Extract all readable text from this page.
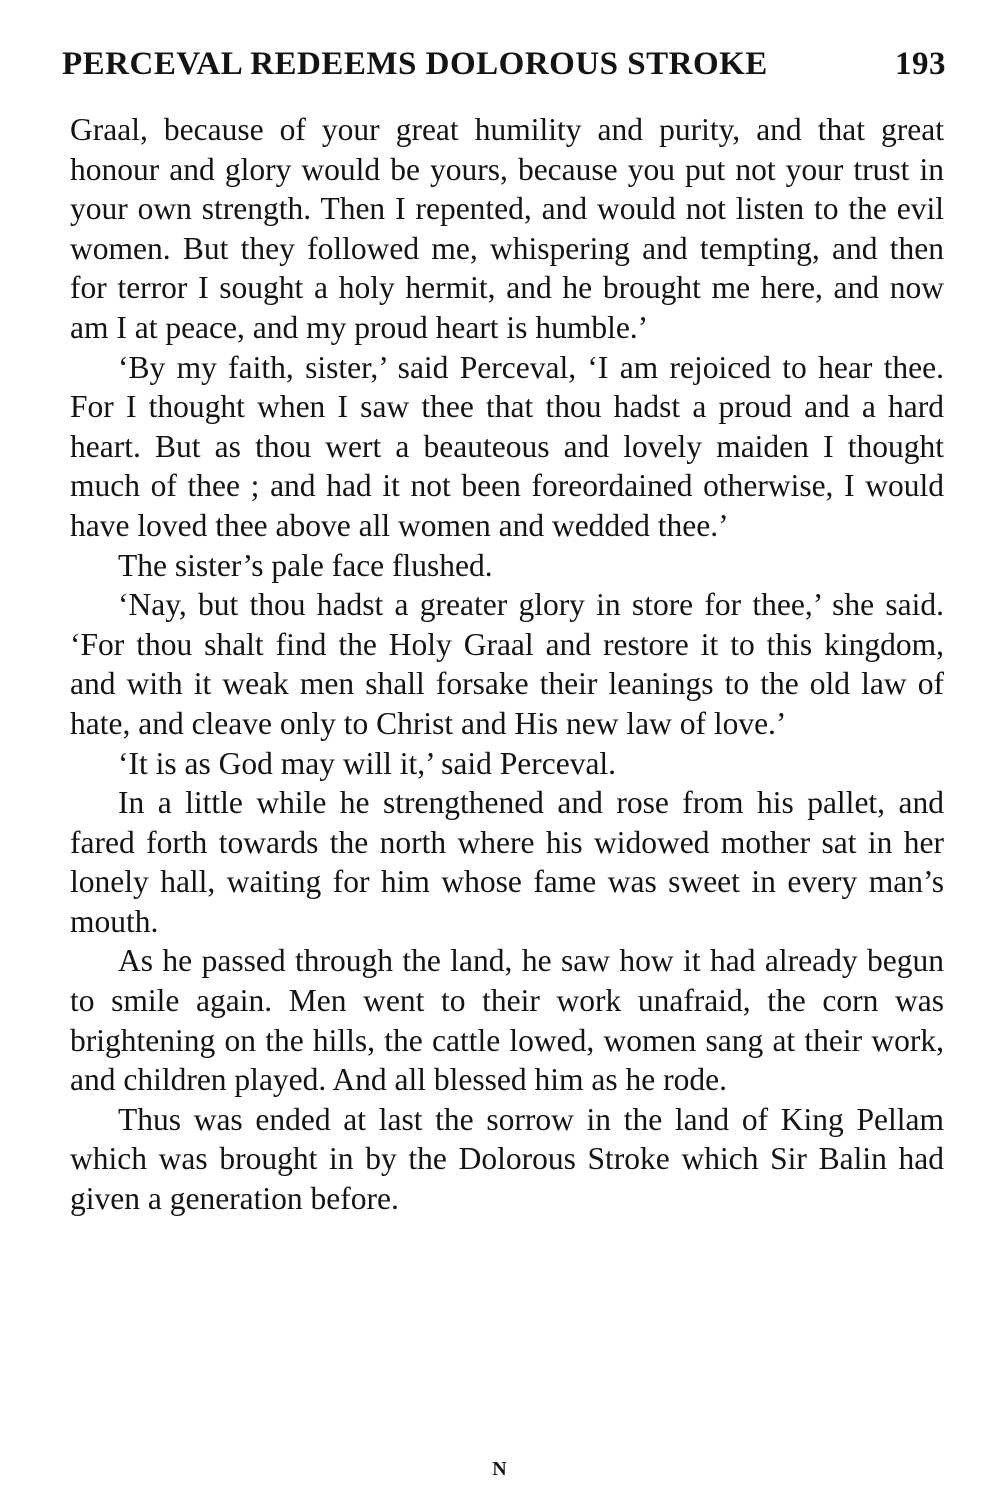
PERCEVAL REDEEMS DOLOROUS STROKE	193

Graal, because of your great humility and purity, and that great honour and glory would be yours, because you put not your trust in your own strength. Then I repented, and would not listen to the evil women. But they followed me, whispering and tempting, and then for terror I sought a holy hermit, and he brought me here, and now am I at peace, and my proud heart is humble.’

‘By my faith, sister,’ said Perceval, ‘I am rejoiced to hear thee. For I thought when I saw thee that thou hadst a proud and a hard heart. But as thou wert a beauteous and lovely maiden I thought much of thee ; and had it not been foreordained otherwise, I would have loved thee above all women and wedded thee.’

The sister’s pale face flushed.

‘Nay, but thou hadst a greater glory in store for thee,’ she said. ‘For thou shalt find the Holy Graal and restore it to this kingdom, and with it weak men shall forsake their leanings to the old law of hate, and cleave only to Christ and His new law of love.’

‘It is as God may will it,’ said Perceval.

In a little while he strengthened and rose from his pallet, and fared forth towards the north where his widowed mother sat in her lonely hall, waiting for him whose fame was sweet in every man’s mouth.

As he passed through the land, he saw how it had already begun to smile again. Men went to their work unafraid, the corn was brightening on the hills, the cattle lowed, women sang at their work, and children played. And all blessed him as he rode.

Thus was ended at last the sorrow in the land of King Pellam which was brought in by the Dolorous Stroke which Sir Balin had given a generation before.

N
